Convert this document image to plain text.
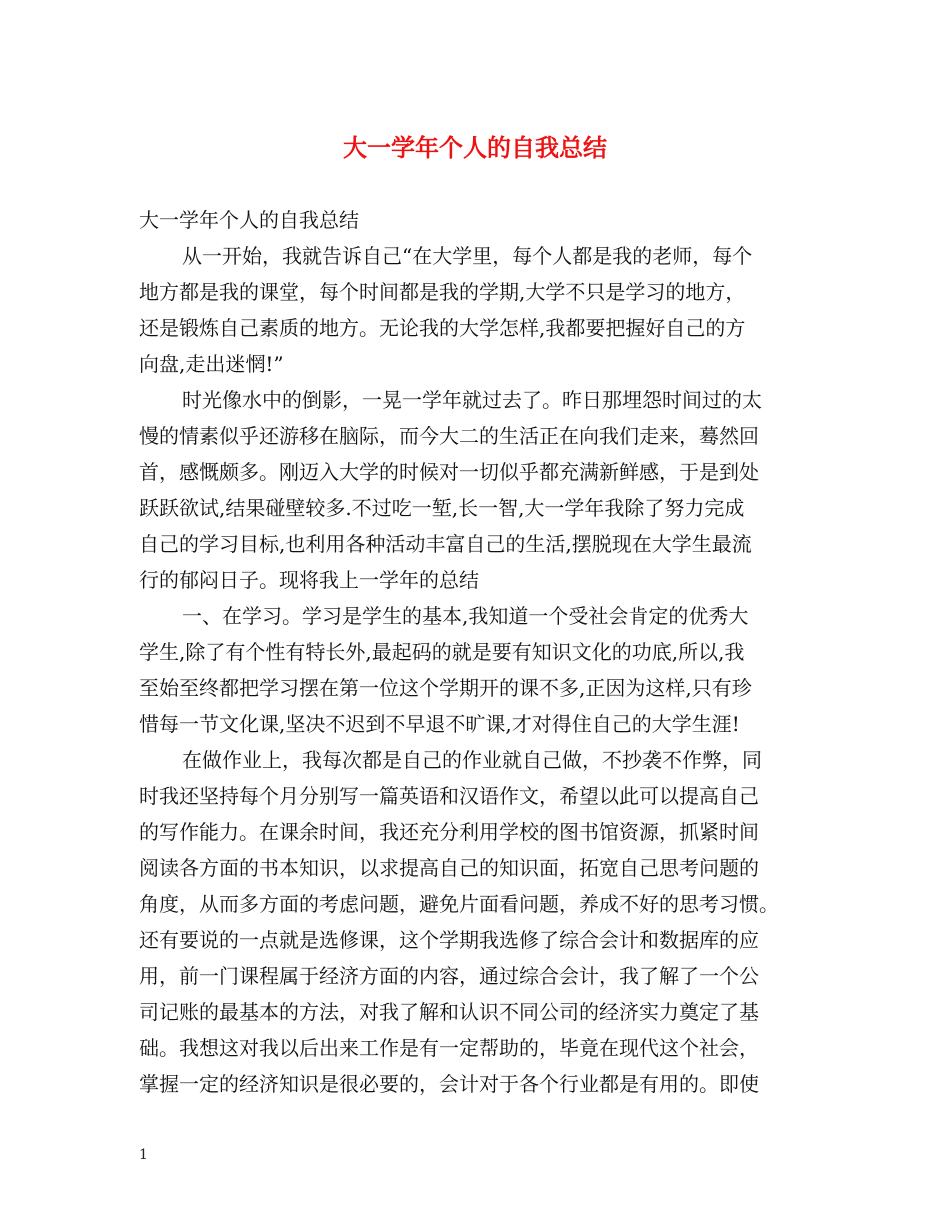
大一学年个人的自我总结
大一学年个人的自我总结
从一开始，我就告诉自己“在大学里，每个人都是我的老师，每个
地方都是我的课堂，每个时间都是我的学期,大学不只是学习的地方，
还是锻炼自己素质的地方。无论我的大学怎样,我都要把握好自己的方
向盘,走出迷惘!”
时光像水中的倒影，一晃一学年就过去了。昨日那埋怨时间过的太
慢的情素似乎还游移在脑际，而今大二的生活正在向我们走来，蓦然回
首，感慨颇多。刚迈入大学的时候对一切似乎都充满新鲜感，于是到处
跃跃欲试,结果碰壁较多.不过吃一堑,长一智,大一学年我除了努力完成
自己的学习目标,也利用各种活动丰富自己的生活,摆脱现在大学生最流
行的郁闷日子。现将我上一学年的总结
一、在学习。学习是学生的基本,我知道一个受社会肯定的优秀大
学生,除了有个性有特长外,最起码的就是要有知识文化的功底,所以,我
至始至终都把学习摆在第一位这个学期开的课不多,正因为这样,只有珍
惜每一节文化课,坚决不迟到不早退不旷课,才对得住自己的大学生涯!
在做作业上，我每次都是自己的作业就自己做，不抄袭不作弊，同
时我还坚持每个月分别写一篇英语和汉语作文，希望以此可以提高自己
的写作能力。在课余时间，我还充分利用学校的图书馆资源，抓紧时间
阅读各方面的书本知识，以求提高自己的知识面，拓宽自己思考问题的
角度，从而多方面的考虑问题，避免片面看问题，养成不好的思考习惯。
还有要说的一点就是选修课，这个学期我选修了综合会计和数据库的应
用，前一门课程属于经济方面的内容，通过综合会计，我了解了一个公
司记账的最基本的方法，对我了解和认识不同公司的经济实力奠定了基
础。我想这对我以后出来工作是有一定帮助的，毕竟在现代这个社会，
掌握一定的经济知识是很必要的，会计对于各个行业都是有用的。即使
1
